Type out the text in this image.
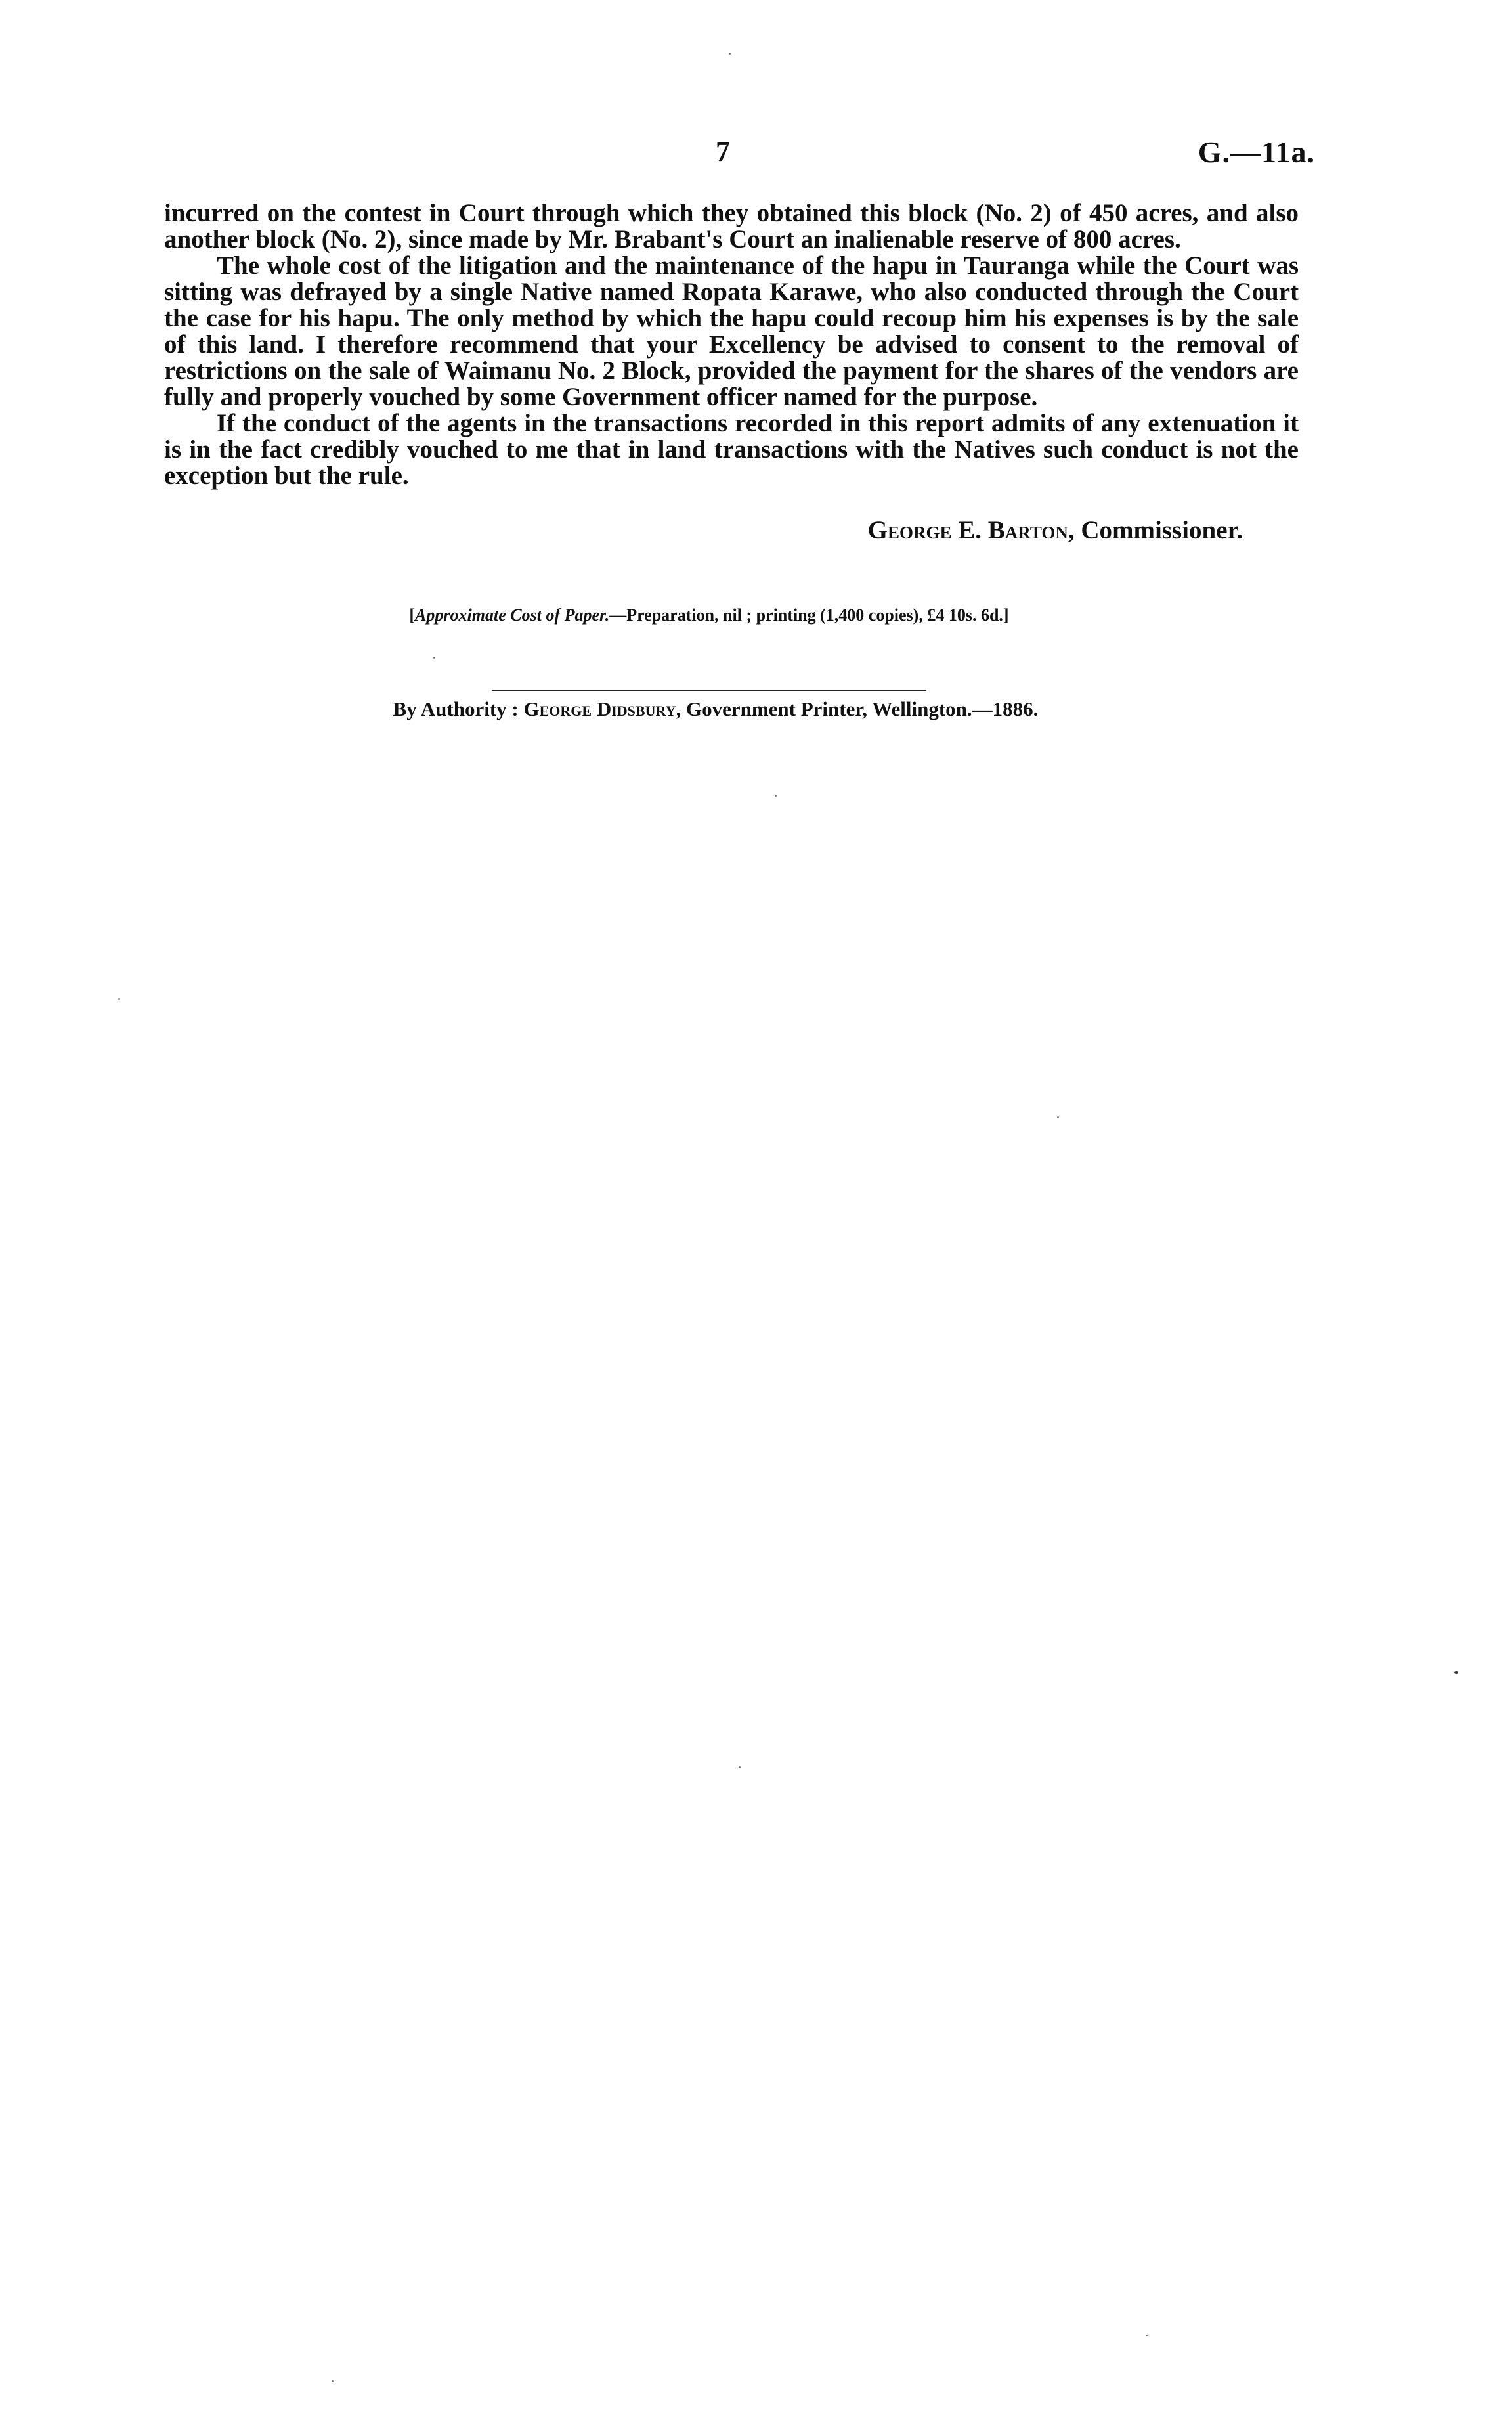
7	G.—11a.

incurred on the contest in Court through which they obtained this block (No. 2) of 450 acres, and also another block (No. 2), since made by Mr. Brabant's Court an inalienable reserve of 800 acres.

The whole cost of the litigation and the maintenance of the hapu in Tauranga while the Court was sitting was defrayed by a single Native named Ropata Karawe, who also conducted through the Court the case for his hapu. The only method by which the hapu could recoup him his expenses is by the sale of this land. I therefore recommend that your Excellency be advised to consent to the removal of restrictions on the sale of Waimanu No. 2 Block, provided the payment for the shares of the vendors are fully and properly vouched by some Government officer named for the purpose.

If the conduct of the agents in the transactions recorded in this report admits of any extenuation it is in the fact credibly vouched to me that in land transactions with the Natives such conduct is not the exception but the rule.

George E. Barton, Commissioner.
[Approximate Cost of Paper.—Preparation, nil ; printing (1,400 copies), £4 10s. 6d.]
By Authority : George Didsbury, Government Printer, Wellington.—1886.
